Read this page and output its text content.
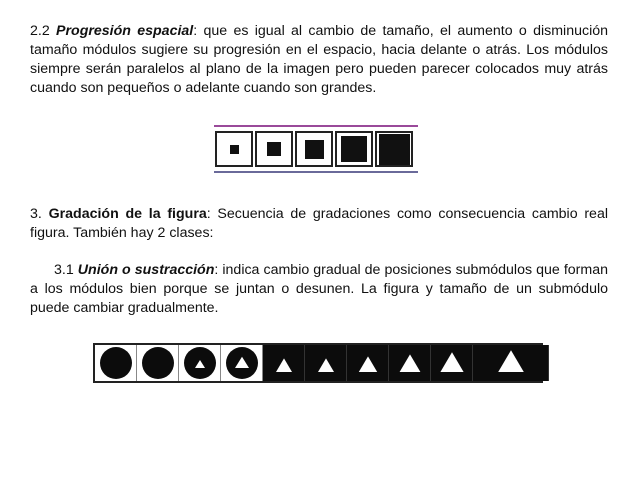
2.2 Progresión espacial: que es igual al cambio de tamaño, el aumento o disminución tamaño módulos sugiere su progresión en el espacio, hacia delante o atrás. Los módulos siempre serán paralelos al plano de la imagen pero pueden parecer colocados muy atrás cuando son pequeños o adelante cuando son grandes.

3. Gradación de la figura: Secuencia de gradaciones como consecuencia cambio real figura. También hay 2 clases:

3.1 Unión o sustracción: indica cambio gradual de posiciones submódulos que forman a los módulos bien porque se juntan o desunen. La figura y tamaño de un submódulo puede cambiar gradualmente.
